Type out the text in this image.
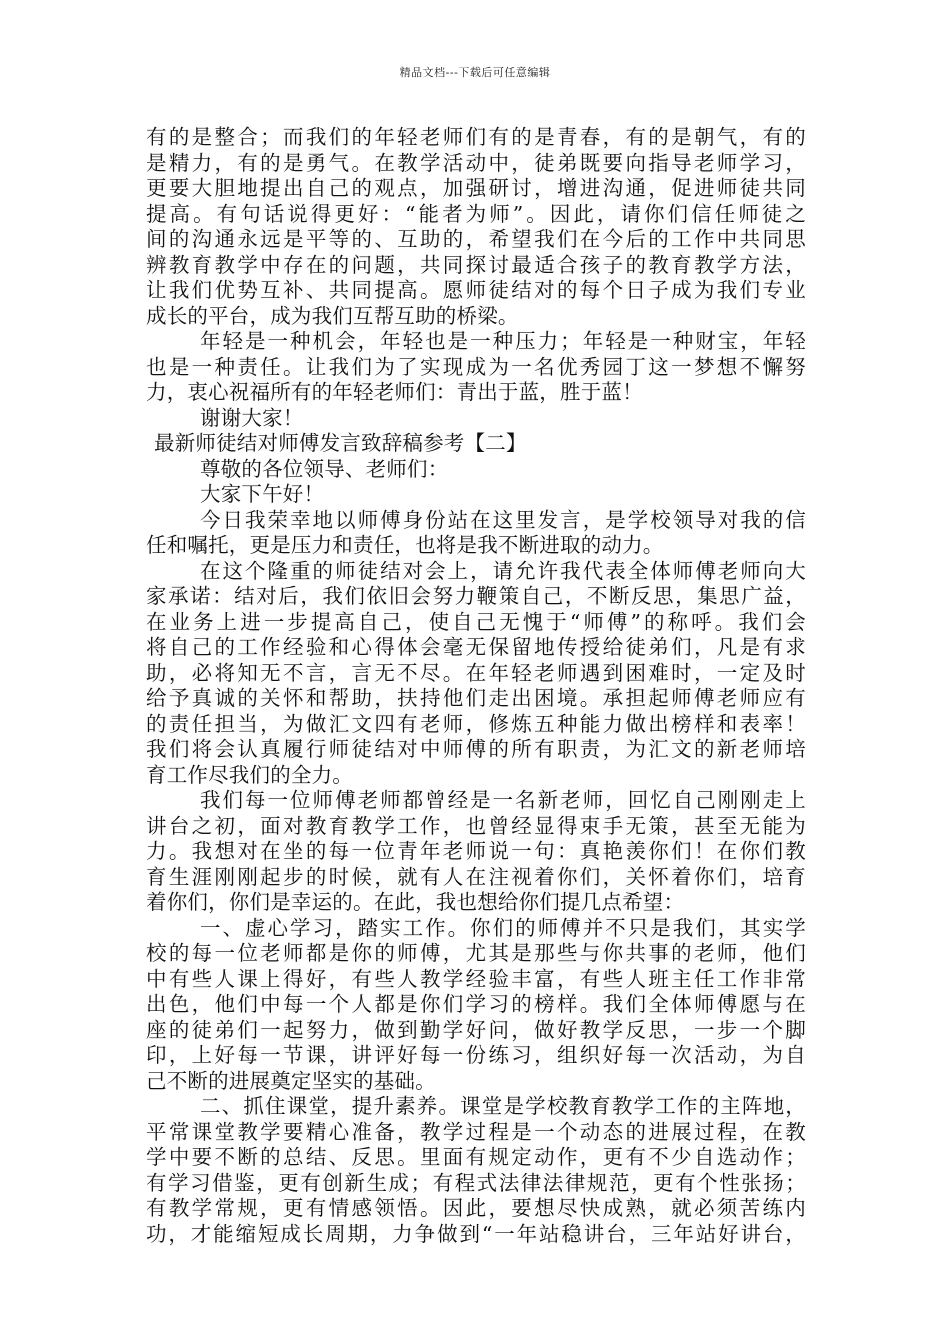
精品文档---下载后可任意编辑
有的是整合；而我们的年轻老师们有的是青春，有的是朝气，有的
是精力，有的是勇气。在教学活动中，徒弟既要向指导老师学习，
更要大胆地提出自己的观点，加强研讨，增进沟通，促进师徒共同
提高。有句话说得更好：“能者为师”。因此，请你们信任师徒之
间的沟通永远是平等的、互助的，希望我们在今后的工作中共同思
辨教育教学中存在的问题，共同探讨最适合孩子的教育教学方法，
让我们优势互补、共同提高。愿师徒结对的每个日子成为我们专业
成长的平台，成为我们互帮互助的桥梁。
年轻是一种机会，年轻也是一种压力；年轻是一种财宝，年轻
也是一种责任。让我们为了实现成为一名优秀园丁这一梦想不懈努
力，衷心祝福所有的年轻老师们：青出于蓝，胜于蓝！
谢谢大家！
最新师徒结对师傅发言致辞稿参考【二】
尊敬的各位领导、老师们：
大家下午好！
今日我荣幸地以师傅身份站在这里发言，是学校领导对我的信
任和嘱托，更是压力和责任，也将是我不断进取的动力。
在这个隆重的师徒结对会上，请允许我代表全体师傅老师向大
家承诺：结对后，我们依旧会努力鞭策自己，不断反思，集思广益，
在业务上进一步提高自己，使自己无愧于“师傅”的称呼。我们会
将自己的工作经验和心得体会毫无保留地传授给徒弟们，凡是有求
助，必将知无不言，言无不尽。在年轻老师遇到困难时，一定及时
给予真诚的关怀和帮助，扶持他们走出困境。承担起师傅老师应有
的责任担当，为做汇文四有老师，修炼五种能力做出榜样和表率！
我们将会认真履行师徒结对中师傅的所有职责，为汇文的新老师培
育工作尽我们的全力。
我们每一位师傅老师都曾经是一名新老师，回忆自己刚刚走上
讲台之初，面对教育教学工作，也曾经显得束手无策，甚至无能为
力。我想对在坐的每一位青年老师说一句：真艳羡你们！在你们教
育生涯刚刚起步的时候，就有人在注视着你们，关怀着你们，培育
着你们，你们是幸运的。在此，我也想给你们提几点希望：
一、虚心学习，踏实工作。你们的师傅并不只是我们，其实学
校的每一位老师都是你的师傅，尤其是那些与你共事的老师，他们
中有些人课上得好，有些人教学经验丰富，有些人班主任工作非常
出色，他们中每一个人都是你们学习的榜样。我们全体师傅愿与在
座的徒弟们一起努力，做到勤学好问，做好教学反思，一步一个脚
印，上好每一节课，讲评好每一份练习，组织好每一次活动，为自
己不断的进展奠定坚实的基础。
二、抓住课堂，提升素养。课堂是学校教育教学工作的主阵地，
平常课堂教学要精心准备，教学过程是一个动态的进展过程，在教
学中要不断的总结、反思。里面有规定动作，更有不少自选动作；
有学习借鉴，更有创新生成；有程式法律法律规范，更有个性张扬；
有教学常规，更有情感领悟。因此，要想尽快成熟，就必须苦练内
功，才能缩短成长周期，力争做到“一年站稳讲台，三年站好讲台，
